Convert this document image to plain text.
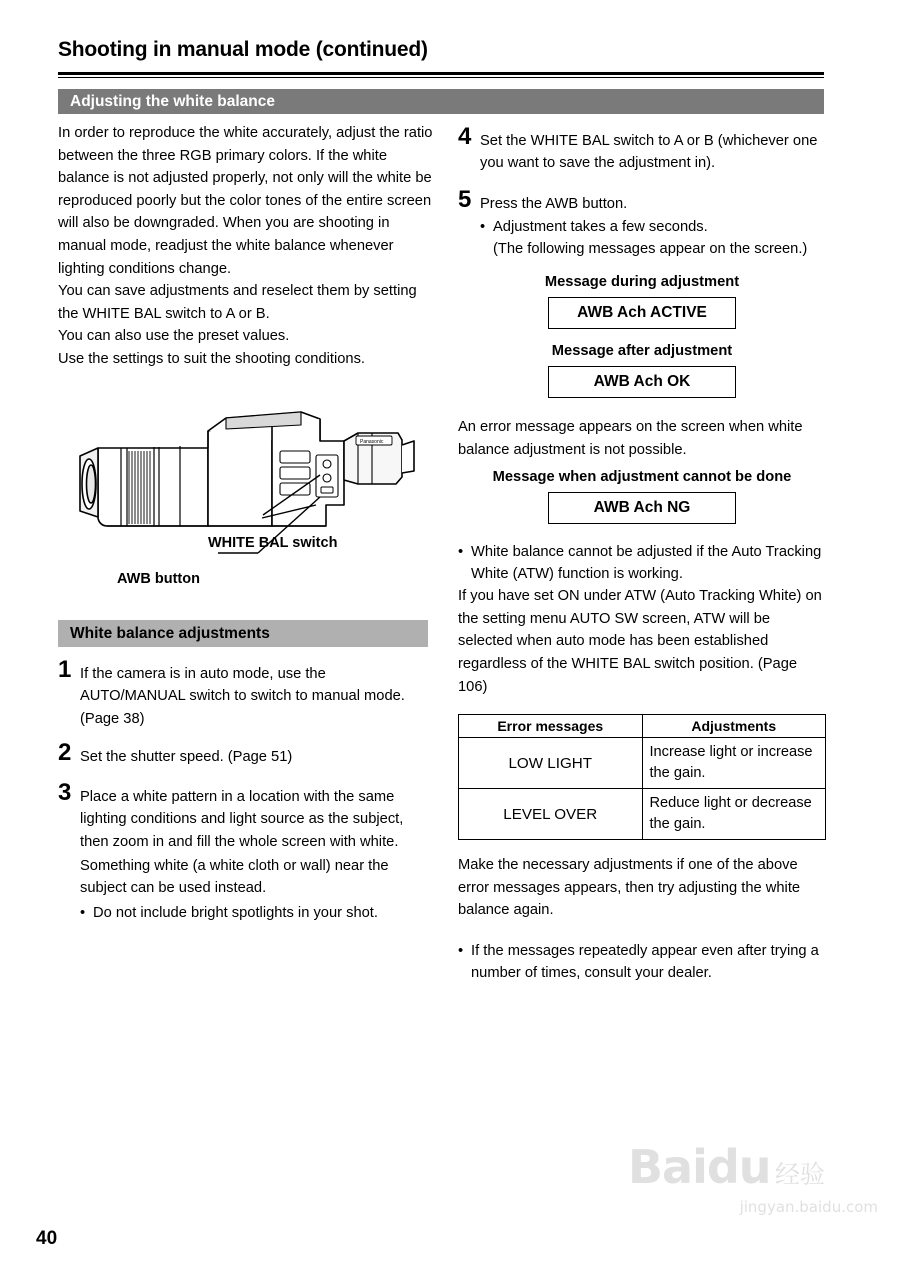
Shooting in manual mode (continued)
Adjusting the white balance
White balance adjustments

In order to reproduce the white accurately, adjust the ratio between the three RGB primary colors. If the white balance is not adjusted properly, not only will the white be reproduced poorly but the color tones of the entire screen will also be downgraded. When you are shooting in manual mode, readjust the white balance whenever lighting conditions change.

You can save adjustments and reselect them by setting the WHITE BAL switch to A or B.

You can also use the preset values.

Use the settings to suit the shooting conditions.

Panasonic
WHITE BAL switch
AWB button
1 If the camera is in auto mode, use the AUTO/MANUAL switch to switch to manual mode. (Page 38)
2 Set the shutter speed. (Page 51)
3 Place a white pattern in a location with the same lighting conditions and light source as the subject, then zoom in and fill the whole screen with white.
Something white (a white cloth or wall) near the subject can be used instead.
• Do not include bright spotlights in your shot.
4 Set the WHITE BAL switch to A or B (whichever one you want to save the adjustment in).
5 Press the AWB button.
• Adjustment takes a few seconds.
(The following messages appear on the screen.)
Message during adjustment
AWB Ach ACTIVE
Message after adjustment
AWB Ach OK

An error message appears on the screen when white balance adjustment is not possible.

Message when adjustment cannot be done
AWB Ach NG
• White balance cannot be adjusted if the Auto Tracking White (ATW) function is working.

If you have set ON under ATW (Auto Tracking White) on the setting menu AUTO SW screen, ATW will be selected when auto mode has been established regardless of the WHITE BAL switch position. (Page 106)

Error messages	Adjustments
LOW LIGHT	Increase light or increase the gain.
LEVEL OVER	Reduce light or decrease the gain.

Make the necessary adjustments if one of the above error messages appears, then try adjusting the white balance again.

• If the messages repeatedly appear even after trying a number of times, consult your dealer.
40
Baidu 经验
jingyan.baidu.com
